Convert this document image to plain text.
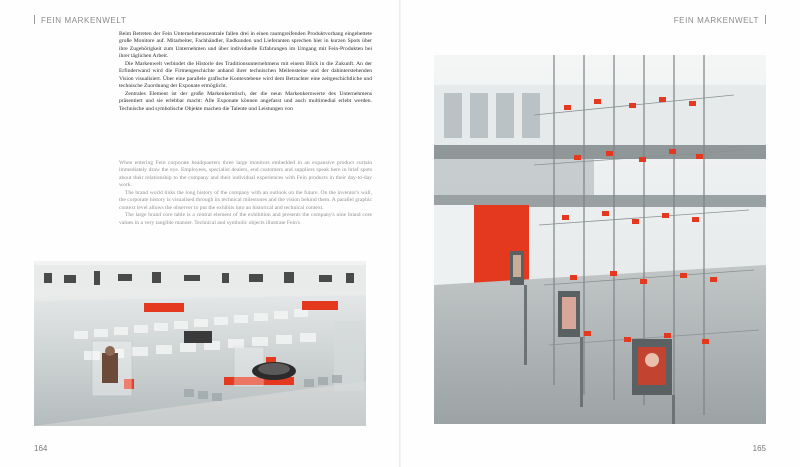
FEIN MARKENWELT	FEIN MARKENWELT

Beim Betreten der Fein Unternehmenszentrale fallen drei in einen raumgreifenden Produktvorhang eingebettete große Monitore auf. Mitarbeiter, Fachhändler, Endkunden und Lieferanten sprechen hier in kurzen Spots über ihre Zugehörigkeit zum Unternehmen und über individuelle Erfahrungen im Umgang mit Fein-Produkten bei ihrer täglichen Arbeit.

Die Markenwelt verbindet die Historie des Traditionsunternehmens mit einem Blick in die Zukunft. An der Erfinderwand wird die Firmengeschichte anhand ihrer technischen Meilensteine und der dahinterstehenden Vision visualisiert. Über eine parallele grafische Kontextebene wird dem Betrachter eine zeitgeschichtliche und technische Zuordnung der Exponate ermöglicht.

Zentrales Element ist der große Markenkerntisch, der die neun Markenkernwerte des Unternehmens präsentiert und sie erlebbar macht: Alle Exponate können angefasst und auch multimedial erlebt werden. Technische und symbolische Objekte machen die Talente und Leistungen von

When entering Fein corporate headquarters three large monitors embedded in an expansive product curtain immediately draw the eye. Employees, specialist dealers, end customers and suppliers speak here in brief spots about their relationship to the company and their individual experiences with Fein products in their day-to-day work.

The brand world links the long history of the company with an outlook on the future. On the inventor's wall, the corporate history is visualised through its technical milestones and the vision behind them. A parallel graphic context level allows the observer to put the exhibits into an historical and technical context.

The large brand core table is a central element of the exhibition and presents the company's nine brand core values in a very tangible manner. Technical and symbolic objects illustrate Fein's

164	165
